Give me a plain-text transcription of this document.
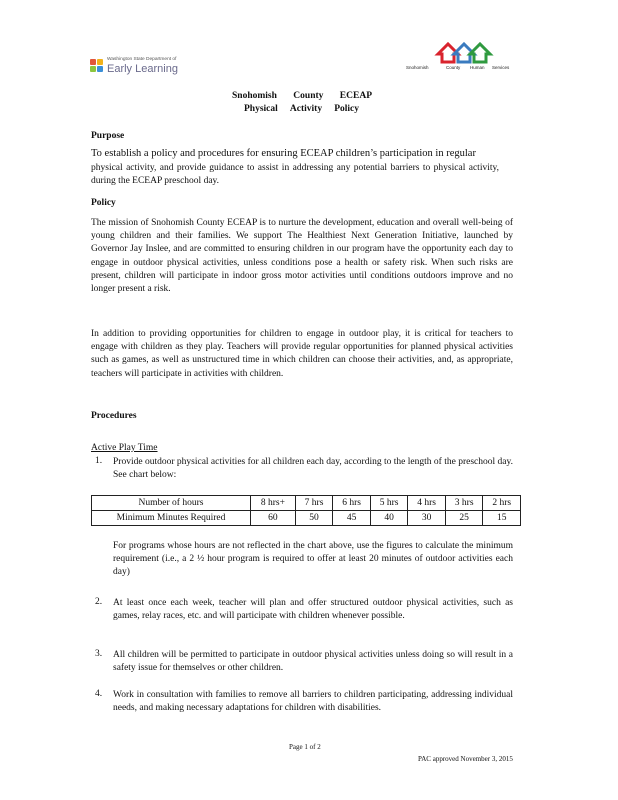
Washington State Department of
Early Learning	Snohomish	County Human Services
Snohomish County ECEAP
Physical Activity Policy
Purpose
To establish a policy and procedures for ensuring ECEAP children’s participation in regular
physical activity, and provide guidance to assist in addressing any potential barriers to physical activity, during the ECEAP preschool day.
Policy
The mission of Snohomish County ECEAP is to nurture the development, education and overall well-being of young children and their families. We support The Healthiest Next Generation Initiative, launched by Governor Jay Inslee, and are committed to ensuring children in our program have the opportunity each day to engage in outdoor physical activities, unless conditions pose a health or safety risk. When such risks are present, children will participate in indoor gross motor activities until conditions outdoors improve and no longer present a risk.
In addition to providing opportunities for children to engage in outdoor play, it is critical for teachers to engage with children as they play. Teachers will provide regular opportunities for planned physical activities such as games, as well as unstructured time in which children can choose their activities, and, as appropriate, teachers will participate in activities with children.
Procedures
Active Play Time
1. Provide outdoor physical activities for all children each day, according to the length of the preschool day. See chart below:
Number of hours	8 hrs+	7 hrs	6 hrs	5 hrs	4 hrs	3 hrs	2 hrs
Minimum Minutes Required	60	50	45	40	30	25	15
For programs whose hours are not reflected in the chart above, use the figures to calculate the minimum requirement (i.e., a 2 ½ hour program is required to offer at least 20 minutes of outdoor activities each day)
2. At least once each week, teacher will plan and offer structured outdoor physical activities, such as games, relay races, etc. and will participate with children whenever possible.
3. All children will be permitted to participate in outdoor physical activities unless doing so will result in a safety issue for themselves or other children.
4. Work in consultation with families to remove all barriers to children participating, addressing individual needs, and making necessary adaptations for children with disabilities.
Page 1 of 2
PAC approved November 3, 2015
